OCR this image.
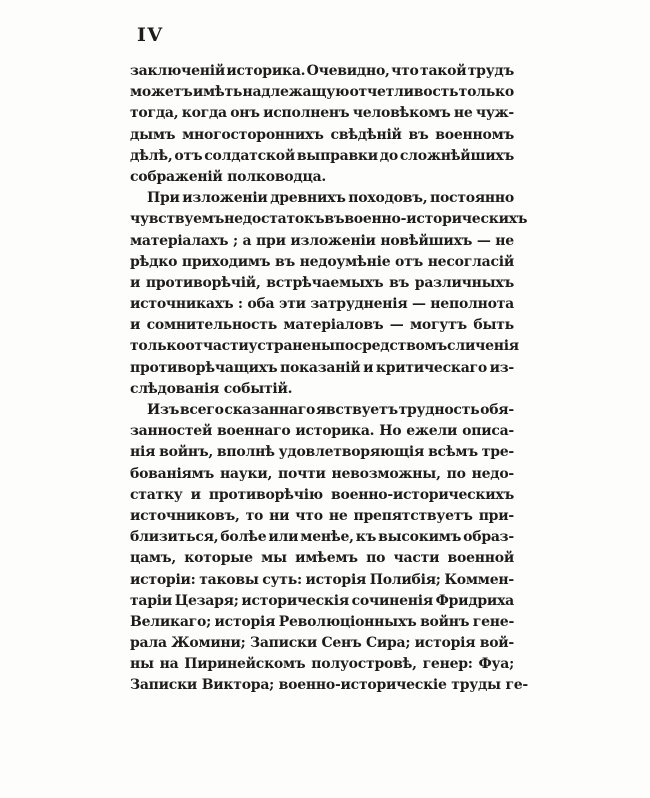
IV
заключеній историка. Очевидно, что такой трудъ
можетъ имѣть надлежащую отчетливость только
тогда, когда онъ исполненъ человѣкомъ не чуж-
дымъ многостороннихъ свѣдѣній въ военномъ
дѣлѣ, отъ солдатской выправки до сложнѣйшихъ
сображеній полководца.
При изложеніи древнихъ походовъ, постоянно
чувствуемъ недостатокъ въ военно-историческихъ
матеріалахъ ; а при изложеніи новѣйшихъ — не
рѣдко приходимъ въ недоумѣніе отъ несогласій
и противорѣчій, встрѣчаемыхъ въ различныхъ
источникахъ : оба эти затрудненія — неполнота
и сомнительность матеріаловъ — могутъ быть
только отчасти устранены посредствомъ сличенія
противорѣчащихъ показаній и критическаго из-
слѣдованія событій.
Изъ всего сказаннаго явствуетъ трудность обя-
занностей военнаго историка. Но ежели описа-
нія войнъ, вполнѣ удовлетворяющія всѣмъ тре-
бованіямъ науки, почти невозможны, по недо-
статку и противорѣчію военно-историческихъ
источниковъ, то ни что не препятствуетъ при-
близиться, болѣе или менѣе, къ высокимъ образ-
цамъ, которые мы имѣемъ по части военной
исторіи: таковы суть: исторія Полибія; Коммен-
таріи Цезаря; историческія сочиненія Фридриха
Великаго; исторія Революціонныхъ войнъ гене-
рала Жомини; Записки Сенъ Сира; исторія вой-
ны на Пиринейскомъ полуостровѣ, генер: Фуа;
Записки Виктора; военно-историческіе труды ге-
